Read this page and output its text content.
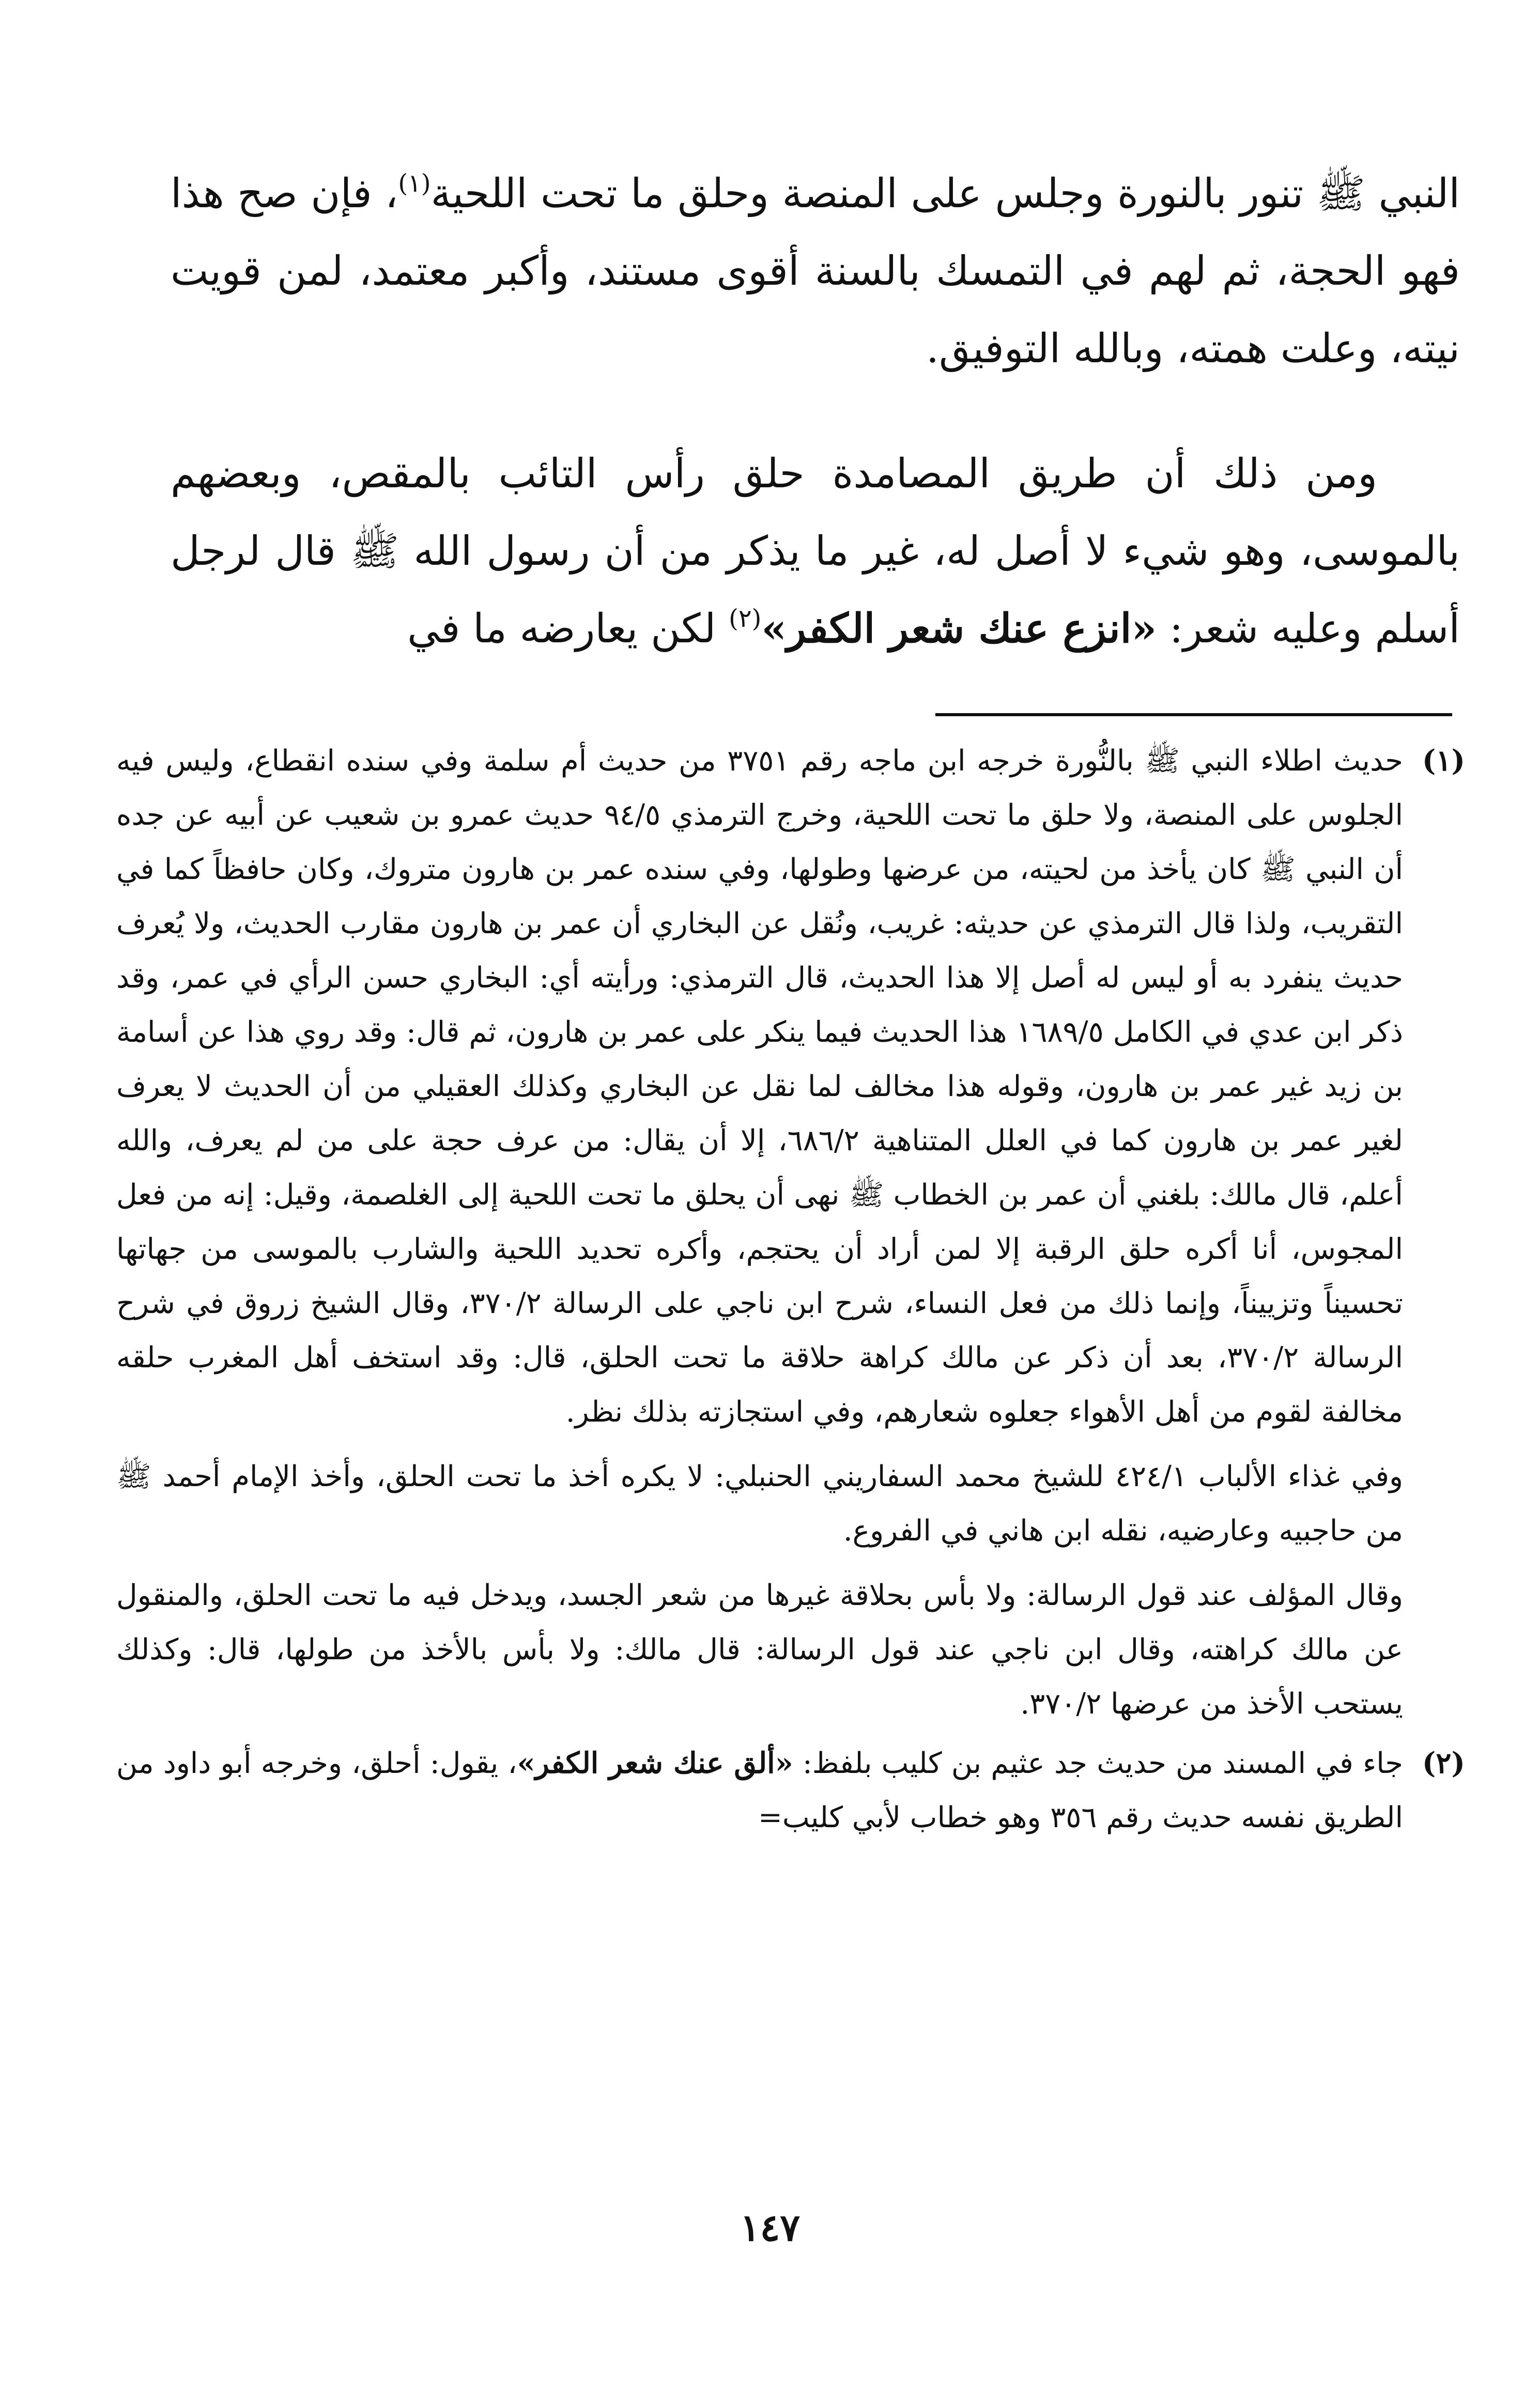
النبي ﷺ تنور بالنورة وجلس على المنصة وحلق ما تحت اللحية$^{(١)}$، فإن صح هذا فهو الحجة، ثم لهم في التمسك بالسنة أقوى مستند، وأكبر معتمد، لمن قويت نيته، وعلت همته، وبالله التوفيق.

ومن ذلك أن طريق المصامدة حلق رأس التائب بالمقص، وبعضهم بالموسى، وهو شيء لا أصل له، غير ما يذكر من أن رسول الله ﷺ قال لرجل أسلم وعليه شعر: «انزع عنك شعر الكفر»$^{(٢)}$ لكن يعارضه ما في

(١)

حديث اطلاء النبي ﷺ بالنُّورة خرجه ابن ماجه رقم ٣٧٥١ من حديث أم سلمة وفي سنده انقطاع، وليس فيه الجلوس على المنصة، ولا حلق ما تحت اللحية، وخرج الترمذي ٩٤/٥ حديث عمرو بن شعيب عن أبيه عن جده أن النبي ﷺ كان يأخذ من لحيته، من عرضها وطولها، وفي سنده عمر بن هارون متروك، وكان حافظاً كما في التقريب، ولذا قال الترمذي عن حديثه: غريب، ونُقل عن البخاري أن عمر بن هارون مقارب الحديث، ولا يُعرف حديث ينفرد به أو ليس له أصل إلا هذا الحديث، قال الترمذي: ورأيته أي: البخاري حسن الرأي في عمر، وقد ذكر ابن عدي في الكامل ١٦٨٩/٥ هذا الحديث فيما ينكر على عمر بن هارون، ثم قال: وقد روي هذا عن أسامة بن زيد غير عمر بن هارون، وقوله هذا مخالف لما نقل عن البخاري وكذلك العقيلي من أن الحديث لا يعرف لغير عمر بن هارون كما في العلل المتناهية ٦٨٦/٢، إلا أن يقال: من عرف حجة على من لم يعرف، والله أعلم، قال مالك: بلغني أن عمر بن الخطاب ﷺ نهى أن يحلق ما تحت اللحية إلى الغلصمة، وقيل: إنه من فعل المجوس، أنا أكره حلق الرقبة إلا لمن أراد أن يحتجم، وأكره تحديد اللحية والشارب بالموسى من جهاتها تحسيناً وتزييناً، وإنما ذلك من فعل النساء، شرح ابن ناجي على الرسالة ٣٧٠/٢، وقال الشيخ زروق في شرح الرسالة ٣٧٠/٢، بعد أن ذكر عن مالك كراهة حلاقة ما تحت الحلق، قال: وقد استخف أهل المغرب حلقه مخالفة لقوم من أهل الأهواء جعلوه شعارهم، وفي استجازته بذلك نظر.

وفي غذاء الألباب ٤٢٤/١ للشيخ محمد السفاريني الحنبلي: لا يكره أخذ ما تحت الحلق، وأخذ الإمام أحمد ﷺ من حاجبيه وعارضيه، نقله ابن هاني في الفروع.

وقال المؤلف عند قول الرسالة: ولا بأس بحلاقة غيرها من شعر الجسد، ويدخل فيه ما تحت الحلق، والمنقول عن مالك كراهته، وقال ابن ناجي عند قول الرسالة: قال مالك: ولا بأس بالأخذ من طولها، قال: وكذلك يستحب الأخذ من عرضها ٣٧٠/٢.

(٢)

جاء في المسند من حديث جد عثيم بن كليب بلفظ: «ألق عنك شعر الكفر»، يقول: أحلق، وخرجه أبو داود من الطريق نفسه حديث رقم ٣٥٦ وهو خطاب لأبي كليب=

١٤٧
